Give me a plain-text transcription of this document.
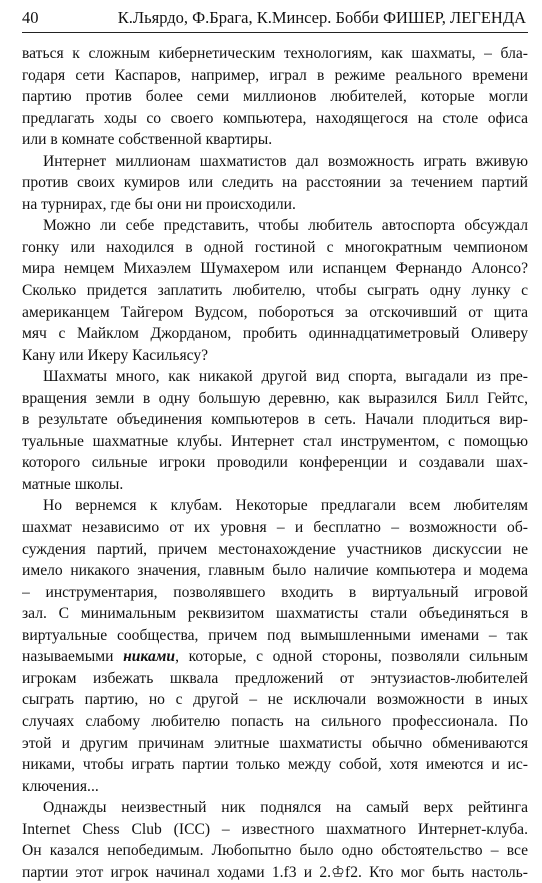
40	К.Льярдо, Ф.Брага, К.Минсер. Бобби ФИШЕР, ЛЕГЕНДА
ваться к сложным кибернетическим технологиям, как шахматы, – бла-
годаря сети Каспаров, например, играл в режиме реального времени
партию против более семи миллионов любителей, которые могли
предлагать ходы со своего компьютера, находящегося на столе офиса
или в комнате собственной квартиры.
Интернет миллионам шахматистов дал возможность играть вживую
против своих кумиров или следить на расстоянии за течением партий
на турнирах, где бы они ни происходили.
Можно ли себе представить, чтобы любитель автоспорта обсуждал
гонку или находился в одной гостиной с многократным чемпионом
мира немцем Михаэлем Шумахером или испанцем Фернандо Алонсо?
Сколько придется заплатить любителю, чтобы сыграть одну лунку с
американцем Тайгером Вудсом, побороться за отскочивший от щита
мяч с Майклом Джорданом, пробить одиннадцатиметровый Оливеру
Кану или Икеру Касильясу?
Шахматы много, как никакой другой вид спорта, выгадали из пре-
вращения земли в одну большую деревню, как выразился Билл Гейтс,
в результате объединения компьютеров в сеть. Начали плодиться вир-
туальные шахматные клубы. Интернет стал инструментом, с помощью
которого сильные игроки проводили конференции и создавали шах-
матные школы.
Но вернемся к клубам. Некоторые предлагали всем любителям
шахмат независимо от их уровня – и бесплатно – возможности об-
суждения партий, причем местонахождение участников дискуссии не
имело никакого значения, главным было наличие компьютера и модема
– инструментария, позволявшего входить в виртуальный игровой
зал. С минимальным реквизитом шахматисты стали объединяться в
виртуальные сообщества, причем под вымышленными именами – так
называемыми никами, которые, с одной стороны, позволяли сильным
игрокам избежать шквала предложений от энтузиастов-любителей
сыграть партию, но с другой – не исключали возможности в иных
случаях слабому любителю попасть на сильного профессионала. По
этой и другим причинам элитные шахматисты обычно обмениваются
никами, чтобы играть партии только между собой, хотя имеются и ис-
ключения...
Однажды неизвестный ник поднялся на самый верх рейтинга
Internet Chess Club (ICC) – известного шахматного Интернет-клуба.
Он казался непобедимым. Любопытно было одно обстоятельство – все
партии этот игрок начинал ходами 1.f3 и 2.♔f2. Кто мог быть настоль-
